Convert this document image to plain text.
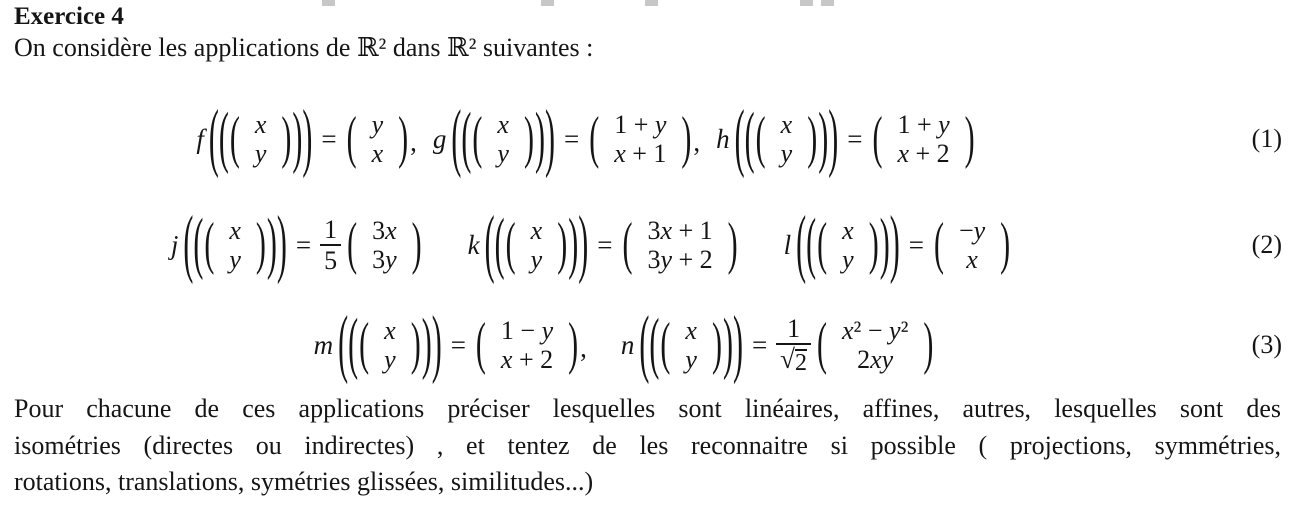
Exercice 4

On considère les applications de ℝ² dans ℝ² suivantes :

f ( ( ( x
y ) ) ) = ( y
x ) , g ( ( ( x
y ) ) ) = ( 1 + y
x + 1 ) , h ( ( ( x
y ) ) ) = ( 1 + y
x + 2 )	(1)
j ( ( ( x
y ) ) ) = $\frac{1}{5}$ ( 3x
3y ) k ( ( ( x
y ) ) ) = ( 3x + 1
3y + 2 ) l ( ( ( x
y ) ) ) = ( −y
x )	(2)
m ( ( ( x
y ) ) ) = ( 1 − y
x + 2 ) , n ( ( ( x
y ) ) ) = $\frac{1}{√ 2}$ ( x² − y²
2xy )	(3)
Pour chacune de ces applications préciser lesquelles sont linéaires, affines, autres, lesquelles sont des
isométries (directes ou indirectes) , et tentez de les reconnaitre si possible ( projections, symmétries,
rotations, translations, symétries glissées, similitudes...)
